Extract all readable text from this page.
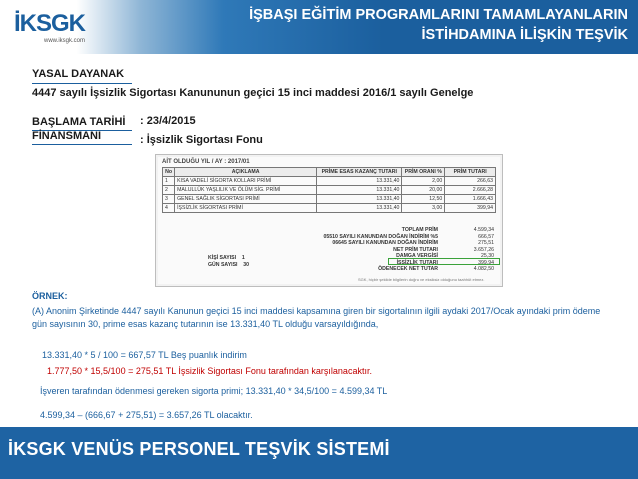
İKSGK
www.iksgk.com
İŞBAŞI EĞİTİM PROGRAMLARINI TAMAMLAYANLARIN
İSTİHDAMINA İLİŞKİN TEŞVİK
YASAL DAYANAK
4447 sayılı İşsizlik Sigortası Kanununun geçici 15 inci maddesi 2016/1 sayılı Genelge
BAŞLAMA TARİHİ : 23/4/2015
FİNANSMANI	: İşsizlik Sigortası Fonu
AİT OLDUĞU YIL / AY : 2017/01
No	AÇIKLAMA	PRİME ESAS KAZANÇ TUTARI	PRİM ORANI %	PRİM TUTARI
1	KISA VADELİ SİGORTA KOLLARI PRİMİ	13.331,40	2,00	266,63
2	MALULLÜK YAŞLILIK VE ÖLÜM SİG. PRİMİ	13.331,40	20,00	2.666,28
3	GENEL SAĞLIK SİGORTASI PRİMİ	13.331,40	12,50	1.666,43
4	İŞSİZLİK SİGORTASI PRİMİ	13.331,40	3,00	399,94
TOPLAM PRİM	4.599,34
05510 SAYILI KANUNDAN DOĞAN İNDİRİM %5	666,57
06645 SAYILI KANUNDAN DOĞAN İNDİRİM	275,51
NET PRİM TUTARI	3.657,26
DAMGA VERGİSİ	25,30
İŞSİZLİK TUTARI	399,94
ÖDENECEK NET TUTAR	4.082,50
KİŞİ SAYISI 1
GÜN SAYISI 30
SGK, hiçbir şekilde bilgilerin doğru ve eksiksiz olduğunu taahhüt etmez.
ÖRNEK:
(A) Anonim Şirketinde 4447 sayılı Kanunun geçici 15 inci maddesi kapsamına giren bir sigortalının ilgili aydaki 2017/Ocak ayındaki prim ödeme gün sayısının 30, prime esas kazanç tutarının ise 13.331,40 TL olduğu varsayıldığında,
13.331,40 * 5 / 100 = 667,57 TL Beş puanlık indirim
1.777,50 * 15,5/100 = 275,51 TL İşsizlik Sigortası Fonu tarafından karşılanacaktır.
İşveren tarafından ödenmesi gereken sigorta primi; 13.331,40 * 34,5/100 = 4.599,34 TL
4.599,34 – (666,67 + 275,51) = 3.657,26 TL olacaktır.
İKSGK VENÜS PERSONEL TEŞVİK SİSTEMİ
